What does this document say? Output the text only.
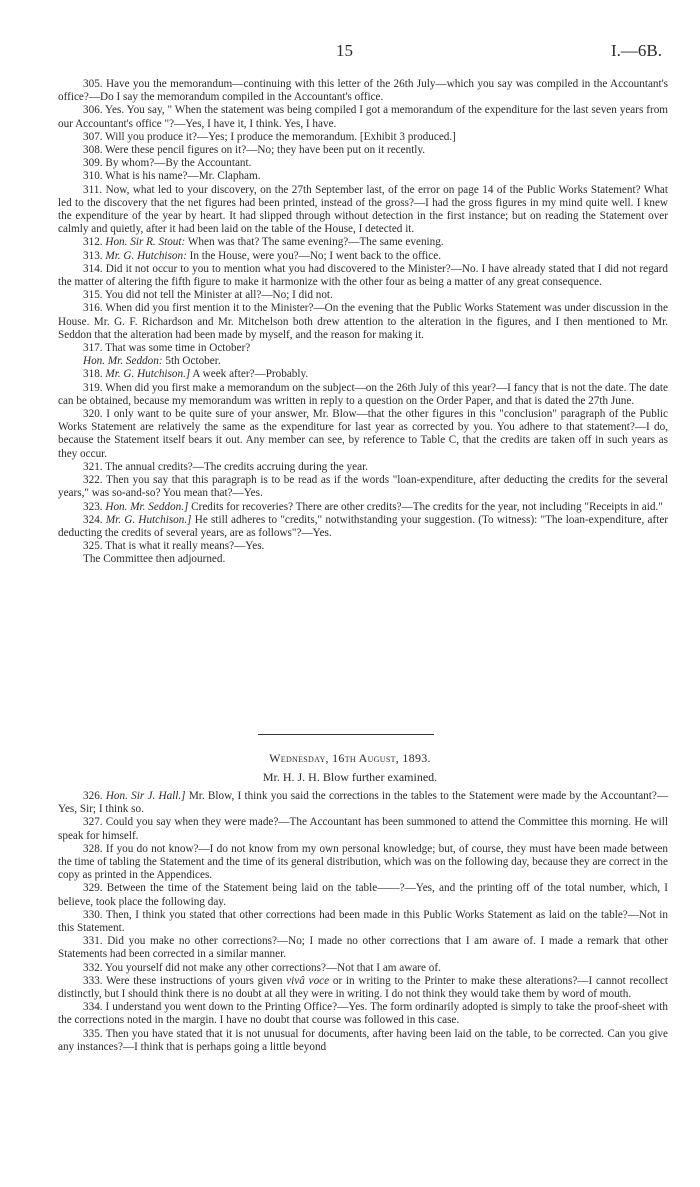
15	I.—6B.

305. Have you the memorandum—continuing with this letter of the 26th July—which you say was compiled in the Accountant's office?—Do I say the memorandum compiled in the Accountant's office.

306. Yes. You say, " When the statement was being compiled I got a memorandum of the expenditure for the last seven years from our Accountant's office "?—Yes, I have it, I think. Yes, I have.

307. Will you produce it?—Yes; I produce the memorandum. [Exhibit 3 produced.]

308. Were these pencil figures on it?—No; they have been put on it recently.

309. By whom?—By the Accountant.

310. What is his name?—Mr. Clapham.

311. Now, what led to your discovery, on the 27th September last, of the error on page 14 of the Public Works Statement? What led to the discovery that the net figures had been printed, instead of the gross?—I had the gross figures in my mind quite well. I knew the expenditure of the year by heart. It had slipped through without detection in the first instance; but on reading the Statement over calmly and quietly, after it had been laid on the table of the House, I detected it.

312. Hon. Sir R. Stout: When was that? The same evening?—The same evening.

313. Mr. G. Hutchison: In the House, were you?—No; I went back to the office.

314. Did it not occur to you to mention what you had discovered to the Minister?—No. I have already stated that I did not regard the matter of altering the fifth figure to make it harmonize with the other four as being a matter of any great consequence.

315. You did not tell the Minister at all?—No; I did not.

316. When did you first mention it to the Minister?—On the evening that the Public Works Statement was under discussion in the House. Mr. G. F. Richardson and Mr. Mitchelson both drew attention to the alteration in the figures, and I then mentioned to Mr. Seddon that the alteration had been made by myself, and the reason for making it.

317. That was some time in October?

Hon. Mr. Seddon: 5th October.

318. Mr. G. Hutchison.] A week after?—Probably.

319. When did you first make a memorandum on the subject—on the 26th July of this year?—I fancy that is not the date. The date can be obtained, because my memorandum was written in reply to a question on the Order Paper, and that is dated the 27th June.

320. I only want to be quite sure of your answer, Mr. Blow—that the other figures in this "conclusion" paragraph of the Public Works Statement are relatively the same as the expenditure for last year as corrected by you. You adhere to that statement?—I do, because the Statement itself bears it out. Any member can see, by reference to Table C, that the credits are taken off in such years as they occur.

321. The annual credits?—The credits accruing during the year.

322. Then you say that this paragraph is to be read as if the words "loan-expenditure, after deducting the credits for the several years," was so-and-so? You mean that?—Yes.

323. Hon. Mr. Seddon.] Credits for recoveries? There are other credits?—The credits for the year, not including "Receipts in aid."

324. Mr. G. Hutchison.] He still adheres to "credits," notwithstanding your suggestion. (To witness): "The loan-expenditure, after deducting the credits of several years, are as follows"?—Yes.

325. That is what it really means?—Yes.

The Committee then adjourned.

Wednesday, 16th August, 1893.
Mr. H. J. H. Blow further examined.

326. Hon. Sir J. Hall.] Mr. Blow, I think you said the corrections in the tables to the Statement were made by the Accountant?—Yes, Sir; I think so.

327. Could you say when they were made?—The Accountant has been summoned to attend the Committee this morning. He will speak for himself.

328. If you do not know?—I do not know from my own personal knowledge; but, of course, they must have been made between the time of tabling the Statement and the time of its general distribution, which was on the following day, because they are correct in the copy as printed in the Appendices.

329. Between the time of the Statement being laid on the table——?—Yes, and the printing off of the total number, which, I believe, took place the following day.

330. Then, I think you stated that other corrections had been made in this Public Works Statement as laid on the table?—Not in this Statement.

331. Did you make no other corrections?—No; I made no other corrections that I am aware of. I made a remark that other Statements had been corrected in a similar manner.

332. You yourself did not make any other corrections?—Not that I am aware of.

333. Were these instructions of yours given vivâ voce or in writing to the Printer to make these alterations?—I cannot recollect distinctly, but I should think there is no doubt at all they were in writing. I do not think they would take them by word of mouth.

334. I understand you went down to the Printing Office?—Yes. The form ordinarily adopted is simply to take the proof-sheet with the corrections noted in the margin. I have no doubt that course was followed in this case.

335. Then you have stated that it is not unusual for documents, after having been laid on the table, to be corrected. Can you give any instances?—I think that is perhaps going a little beyond
